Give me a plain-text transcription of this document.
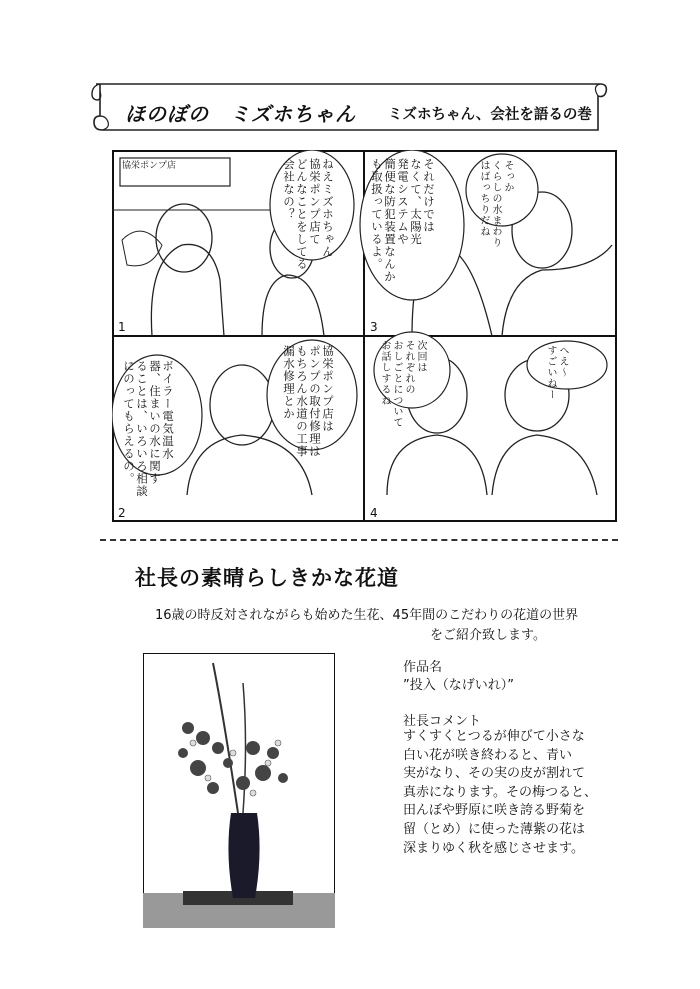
ほのぼの　ミズホちゃん ミズホちゃん、会社を語るの巻
1
協栄ポンプ店	ねえミズホちゃん
協栄ポンプ店て
どんなことをしてる
会社なの？
2
ボイラー電気温水
器、住まいの水に関す
ることは、いろいろ相談
にのってもらえるの。	協栄ポンプ店は
ポンプの取付修理は
もちろん水道の工事
漏水修理とか
3
そっか
くらしの水まわり
はばっちりだね
それだけでは
なくて、太陽光
発電システムや
簡便な防犯装置なんか
も取扱っているよ。
4
へえ〜
すごいねー
次回は
それぞれの
おしごとについて
お話しするね
社長の素晴らしきかな花道
16歳の時反対されながらも始めた生花、45年間のこだわりの花道の世界
をご紹介致します。
作品名
”投入（なげいれ）”
社長コメント
すくすくとつるが伸びて小さな
白い花が咲き終わると、青い
実がなり、その実の皮が割れて
真赤になります。その梅つると、
田んぼや野原に咲き誇る野菊を
留（とめ）に使った薄紫の花は
深まりゆく秋を感じさせます。
